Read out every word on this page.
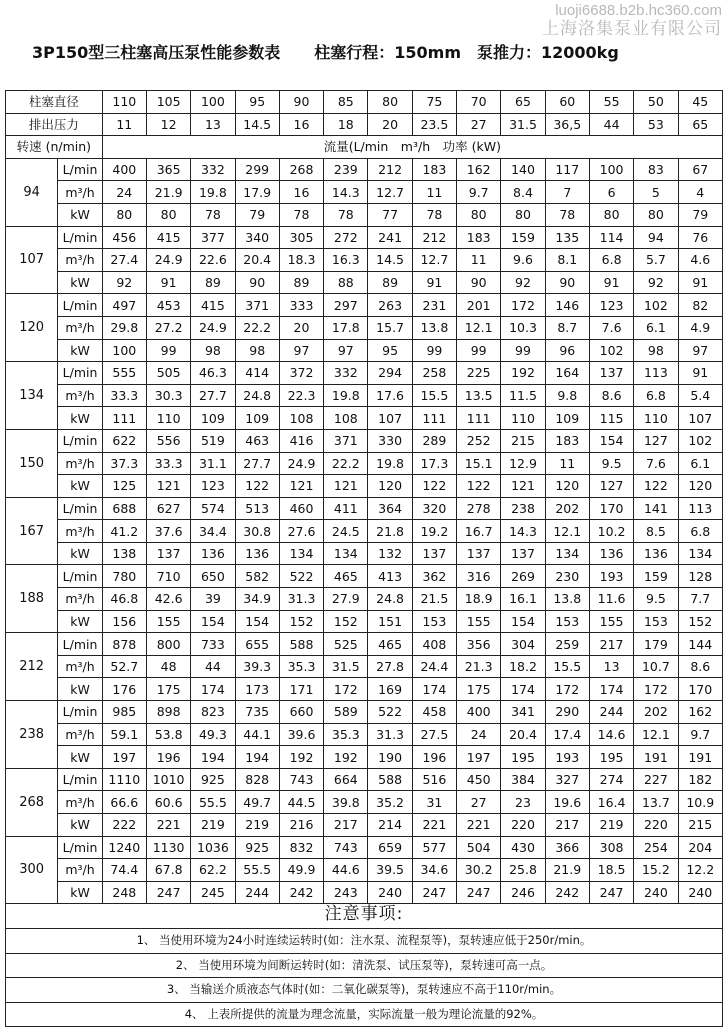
luoji6688.b2b.hc360.com
上海洛集泵业有限公司
3P150型三柱塞高压泵性能参数表 柱塞行程：150mm 泵推力：12000kg
柱塞直径		110	105	100	95	90	85	80	75	70	65	60	55	50	45
排出压力		11	12	13	14.5	16	18	20	23.5	27	31.5	36,5	44	53	65
转速 (n/min)		流量(L/min　m³/h　功率 (kW)													
94	L/min	400	365	332	299	268	239	212	183	162	140	117	100	83	67
	m³/h	24	21.9	19.8	17.9	16	14.3	12.7	11	9.7	8.4	7	6	5	4
	kW	80	80	78	79	78	78	77	78	80	80	78	80	80	79
107	L/min	456	415	377	340	305	272	241	212	183	159	135	114	94	76
	m³/h	27.4	24.9	22.6	20.4	18.3	16.3	14.5	12.7	11	9.6	8.1	6.8	5.7	4.6
	kW	92	91	89	90	89	88	89	91	90	92	90	91	92	91
120	L/min	497	453	415	371	333	297	263	231	201	172	146	123	102	82
	m³/h	29.8	27.2	24.9	22.2	20	17.8	15.7	13.8	12.1	10.3	8.7	7.6	6.1	4.9
	kW	100	99	98	98	97	97	95	99	99	99	96	102	98	97
134	L/min	555	505	46.3	414	372	332	294	258	225	192	164	137	113	91
	m³/h	33.3	30.3	27.7	24.8	22.3	19.8	17.6	15.5	13.5	11.5	9.8	8.6	6.8	5.4
	kW	111	110	109	109	108	108	107	111	111	110	109	115	110	107
150	L/min	622	556	519	463	416	371	330	289	252	215	183	154	127	102
	m³/h	37.3	33.3	31.1	27.7	24.9	22.2	19.8	17.3	15.1	12.9	11	9.5	7.6	6.1
	kW	125	121	123	122	121	121	120	122	122	121	120	127	122	120
167	L/min	688	627	574	513	460	411	364	320	278	238	202	170	141	113
	m³/h	41.2	37.6	34.4	30.8	27.6	24.5	21.8	19.2	16.7	14.3	12.1	10.2	8.5	6.8
	kW	138	137	136	136	134	134	132	137	137	137	134	136	136	134
188	L/min	780	710	650	582	522	465	413	362	316	269	230	193	159	128
	m³/h	46.8	42.6	39	34.9	31.3	27.9	24.8	21.5	18.9	16.1	13.8	11.6	9.5	7.7
	kW	156	155	154	154	152	152	151	153	155	154	153	155	153	152
212	L/min	878	800	733	655	588	525	465	408	356	304	259	217	179	144
	m³/h	52.7	48	44	39.3	35.3	31.5	27.8	24.4	21.3	18.2	15.5	13	10.7	8.6
	kW	176	175	174	173	171	172	169	174	175	174	172	174	172	170
238	L/min	985	898	823	735	660	589	522	458	400	341	290	244	202	162
	m³/h	59.1	53.8	49.3	44.1	39.6	35.3	31.3	27.5	24	20.4	17.4	14.6	12.1	9.7
	kW	197	196	194	194	192	192	190	196	197	195	193	195	191	191
268	L/min	1110	1010	925	828	743	664	588	516	450	384	327	274	227	182
	m³/h	66.6	60.6	55.5	49.7	44.5	39.8	35.2	31	27	23	19.6	16.4	13.7	10.9
	kW	222	221	219	219	216	217	214	221	221	220	217	219	220	215
300	L/min	1240	1130	1036	925	832	743	659	577	504	430	366	308	254	204
	m³/h	74.4	67.8	62.2	55.5	49.9	44.6	39.5	34.6	30.2	25.8	21.9	18.5	15.2	12.2
	kW	248	247	245	244	242	243	240	247	247	246	242	247	240	240
注意事项:
1、 当使用环境为24小时连续运转时(如：注水泵、流程泵等)，泵转速应低于250r/min。
2、 当使用环境为间断运转时(如：清洗泵、试压泵等)，泵转速可高一点。
3、 当输送介质液态气体时(如：二氧化碳泵等)，泵转速应不高于110r/min。
4、 上表所提供的流量为理念流量，实际流量一般为理论流量的92%。
